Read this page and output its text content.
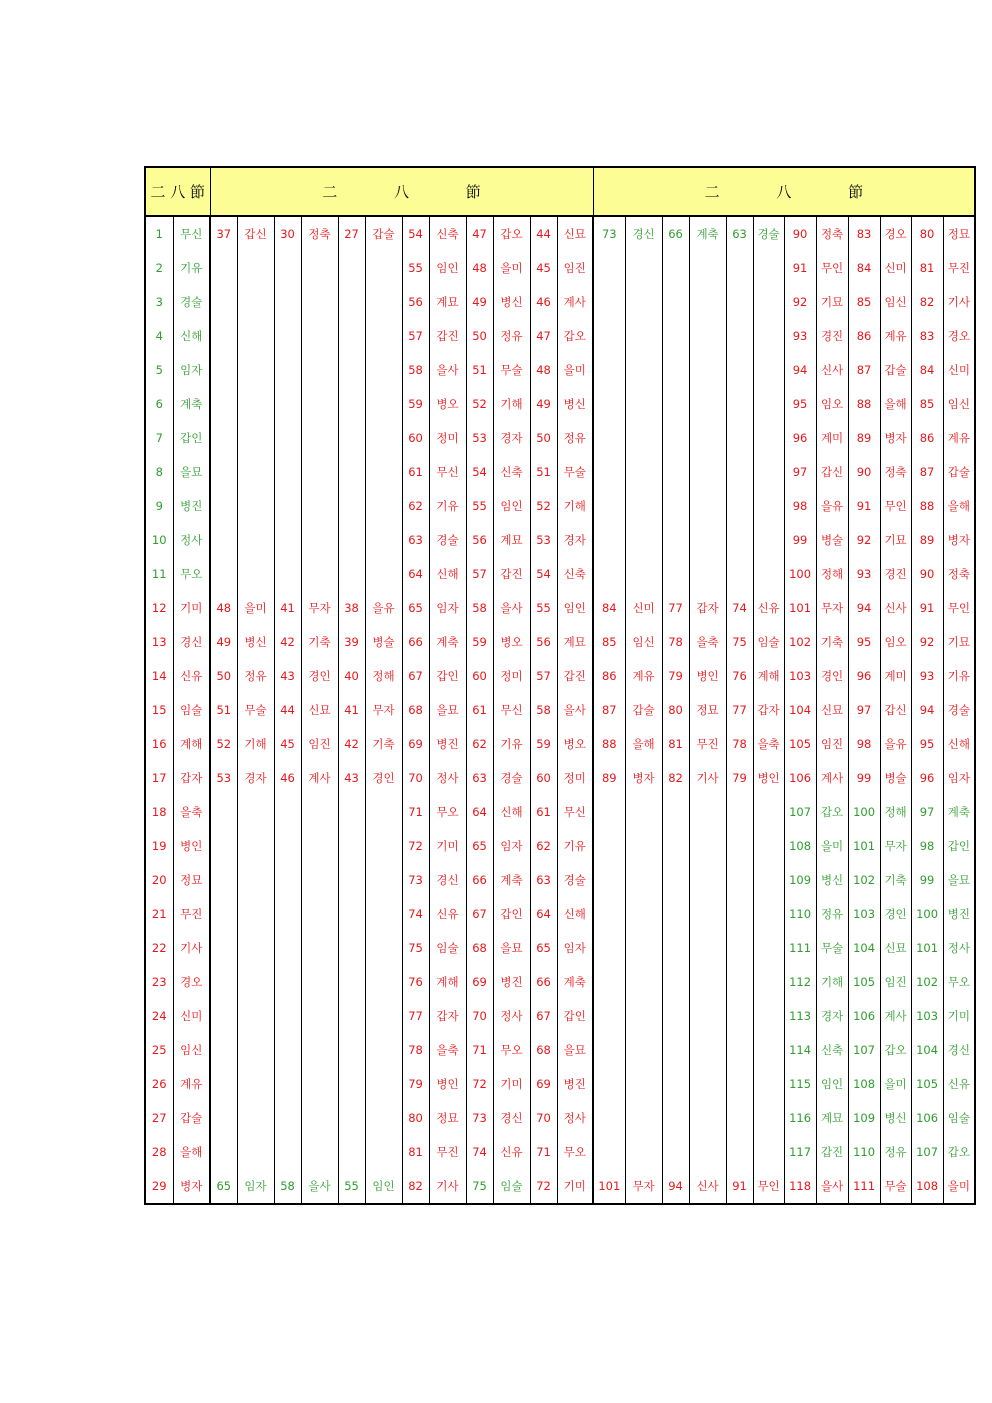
二 八 節		二 八 節												二 八 節											
1	무신	37	갑신	30	정축	27	갑술	54	신축	47	갑오	44	신묘	73	경신	66	계축	63	경술	90	정축	83	경오	80	정묘
2	기유							55	임인	48	을미	45	임진							91	무인	84	신미	81	무진
3	경술							56	계묘	49	병신	46	계사							92	기묘	85	임신	82	기사
4	신해							57	갑진	50	정유	47	갑오							93	경진	86	계유	83	경오
5	임자							58	을사	51	무술	48	을미							94	신사	87	갑술	84	신미
6	계축							59	병오	52	기해	49	병신							95	임오	88	을해	85	임신
7	갑인							60	정미	53	경자	50	정유							96	계미	89	병자	86	계유
8	을묘							61	무신	54	신축	51	무술							97	갑신	90	정축	87	갑술
9	병진							62	기유	55	임인	52	기해							98	을유	91	무인	88	을해
10	정사							63	경술	56	계묘	53	경자							99	병술	92	기묘	89	병자
11	무오							64	신해	57	갑진	54	신축							100	정해	93	경진	90	정축
12	기미	48	을미	41	무자	38	을유	65	임자	58	을사	55	임인	84	신미	77	갑자	74	신유	101	무자	94	신사	91	무인
13	경신	49	병신	42	기축	39	병술	66	계축	59	병오	56	계묘	85	임신	78	을축	75	임술	102	기축	95	임오	92	기묘
14	신유	50	정유	43	경인	40	정해	67	갑인	60	정미	57	갑진	86	계유	79	병인	76	계해	103	경인	96	계미	93	기유
15	임술	51	무술	44	신묘	41	무자	68	을묘	61	무신	58	을사	87	갑술	80	정묘	77	갑자	104	신묘	97	갑신	94	경술
16	계해	52	기해	45	임진	42	기축	69	병진	62	기유	59	병오	88	을해	81	무진	78	을축	105	임진	98	을유	95	신해
17	갑자	53	경자	46	계사	43	경인	70	정사	63	경술	60	정미	89	병자	82	기사	79	병인	106	계사	99	병술	96	임자
18	을축							71	무오	64	신해	61	무신							107	갑오	100	정해	97	계축
19	병인							72	기미	65	임자	62	기유							108	을미	101	무자	98	갑인
20	정묘							73	경신	66	계축	63	경술							109	병신	102	기축	99	을묘
21	무진							74	신유	67	갑인	64	신해							110	정유	103	경인	100	병진
22	기사							75	임술	68	을묘	65	임자							111	무술	104	신묘	101	정사
23	경오							76	계해	69	병진	66	계축							112	기해	105	임진	102	무오
24	신미							77	갑자	70	정사	67	갑인							113	경자	106	계사	103	기미
25	임신							78	을축	71	무오	68	을묘							114	신축	107	갑오	104	경신
26	계유							79	병인	72	기미	69	병진							115	임인	108	을미	105	신유
27	갑술							80	정묘	73	경신	70	정사							116	계묘	109	병신	106	임술
28	을해							81	무진	74	신유	71	무오							117	갑진	110	정유	107	갑오
29	병자	65	임자	58	을사	55	임인	82	기사	75	임술	72	기미	101	무자	94	신사	91	무인	118	을사	111	무술	108	을미
